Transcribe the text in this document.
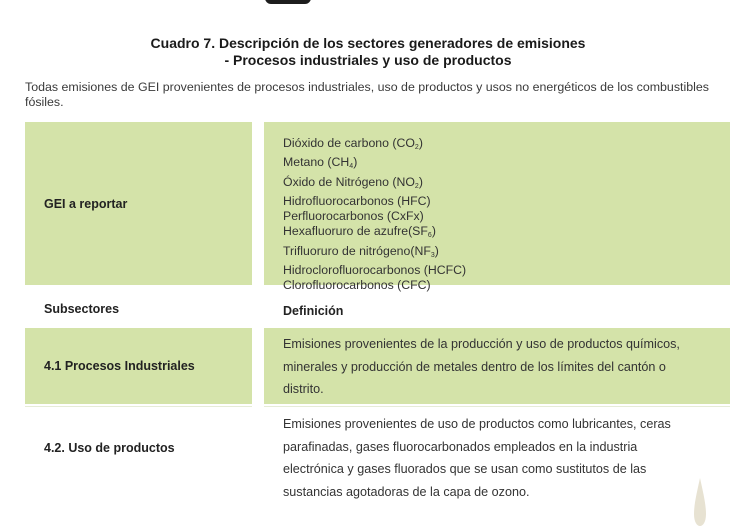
Cuadro 7. Descripción de los sectores generadores de emisiones
- Procesos industriales y uso de productos
Todas emisiones de GEI provenientes de procesos industriales, uso de productos y usos no energéticos de los combustibles fósiles.
GEI a reportar
Dióxido de carbono $(CO_2)$
Metano $(CH_4)$
Óxido de Nitrógeno $(NO_2)$
Hidrofluorocarbonos (HFC)
Perfluorocarbonos (CxFx)
Hexafluoruro de $azufre(SF_6)$
Trifluoruro de $nitrógeno(NF_3)$
Hidroclorofluorocarbonos (HCFC)
Clorofluorocarbonos (CFC)
Subsectores	Definición
4.1 Procesos Industriales
Emisiones provenientes de la producción y uso de productos químicos,
minerales y producción de metales dentro de los límites del cantón o
distrito.
4.2. Uso de productos
Emisiones provenientes de uso de productos como lubricantes, ceras
parafinadas, gases fluorocarbonados empleados en la industria
electrónica y gases fluorados que se usan como sustitutos de las
sustancias agotadoras de la capa de ozono.
